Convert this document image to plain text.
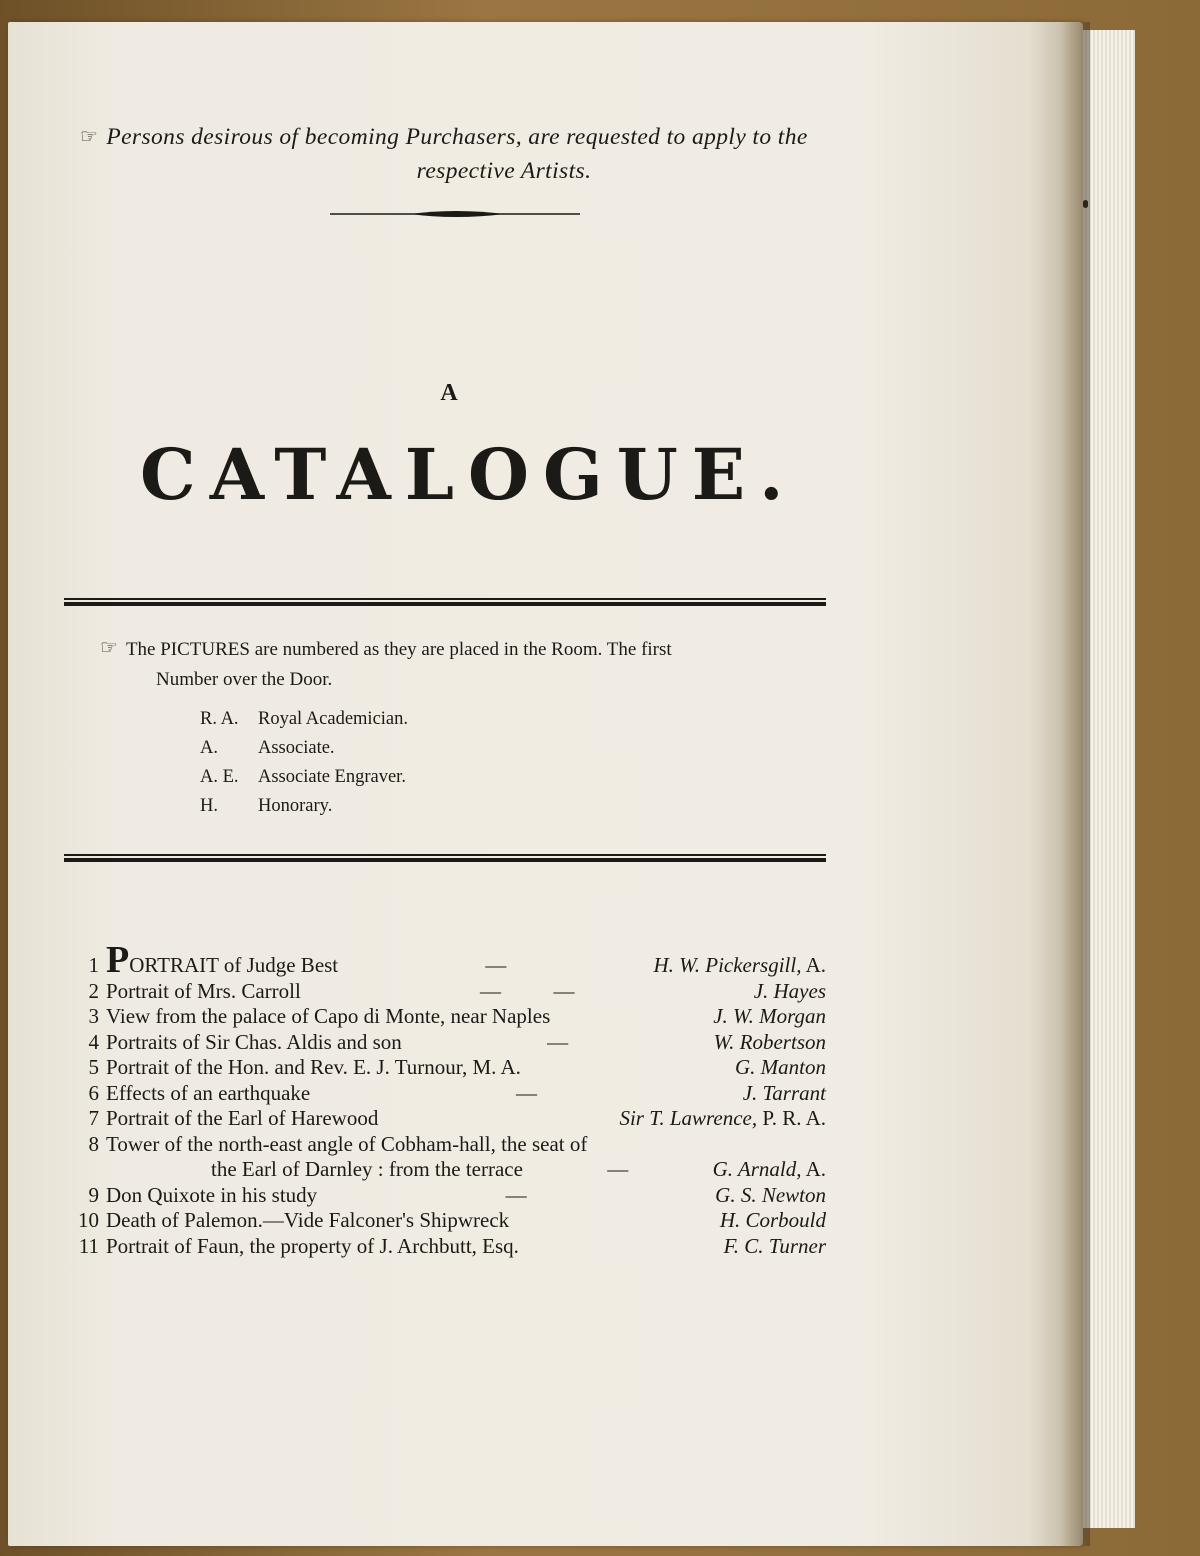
☞ Persons desirous of becoming Purchasers, are requested to apply to the
respective Artists.
A
CATALOGUE.
☞ The PICTURES are numbered as they are placed in the Room. The first
Number over the Door.
R. A.	Royal Academician.
A.	Associate.
A. E.	Associate Engraver.
H.	Honorary.
1 PORTRAIT of Judge Best	—	H. W. Pickersgill, A.
2 Portrait of Mrs. Carroll	—          —	J. Hayes
3 View from the palace of Capo di Monte, near Naples	J. W. Morgan
4 Portraits of Sir Chas. Aldis and son	—	W. Robertson
5 Portrait of the Hon. and Rev. E. J. Turnour, M. A.	G. Manton
6 Effects of an earthquake	—	J. Tarrant
7 Portrait of the Earl of Harewood	Sir T. Lawrence, P. R. A.
8 Tower of the north-east angle of Cobham-hall, the seat of
the Earl of Darnley : from the terrace	—	G. Arnald, A.
9 Don Quixote in his study	—	G. S. Newton
10 Death of Palemon.—Vide Falconer's Shipwreck	H. Corbould
11 Portrait of Faun, the property of J. Archbutt, Esq.	F. C. Turner
